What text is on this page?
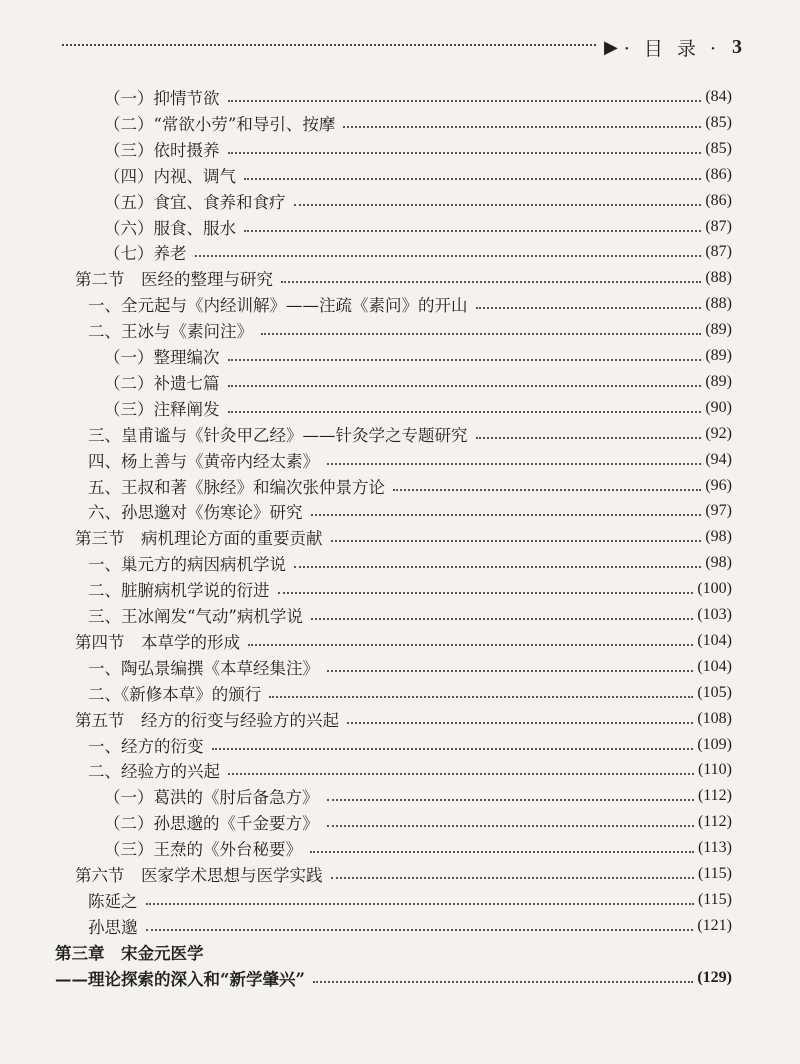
▶ · 目 录 · 3
（一）抑情节欲	(84)
（二）“常欲小劳”和导引、按摩	(85)
（三）依时摄养	(85)
（四）内视、调气	(86)
（五）食宜、食养和食疗	(86)
（六）服食、服水	(87)
（七）养老	(87)
第二节　医经的整理与研究	(88)
一、全元起与《内经训解》——注疏《素问》的开山	(88)
二、王冰与《素问注》	(89)
（一）整理编次	(89)
（二）补遗七篇	(89)
（三）注释阐发	(90)
三、皇甫谧与《针灸甲乙经》——针灸学之专题研究	(92)
四、杨上善与《黄帝内经太素》	(94)
五、王叔和著《脉经》和编次张仲景方论	(96)
六、孙思邈对《伤寒论》研究	(97)
第三节　病机理论方面的重要贡献	(98)
一、巢元方的病因病机学说	(98)
二、脏腑病机学说的衍进	(100)
三、王冰阐发“气动”病机学说	(103)
第四节　本草学的形成	(104)
一、陶弘景编撰《本草经集注》	(104)
二、《新修本草》的颁行	(105)
第五节　经方的衍变与经验方的兴起	(108)
一、经方的衍变	(109)
二、经验方的兴起	(110)
（一）葛洪的《肘后备急方》	(112)
（二）孙思邈的《千金要方》	(112)
（三）王焘的《外台秘要》	(113)
第六节　医家学术思想与医学实践	(115)
陈延之	(115)
孙思邈	(121)
第三章　宋金元医学
——理论探索的深入和“新学肇兴”	(129)
